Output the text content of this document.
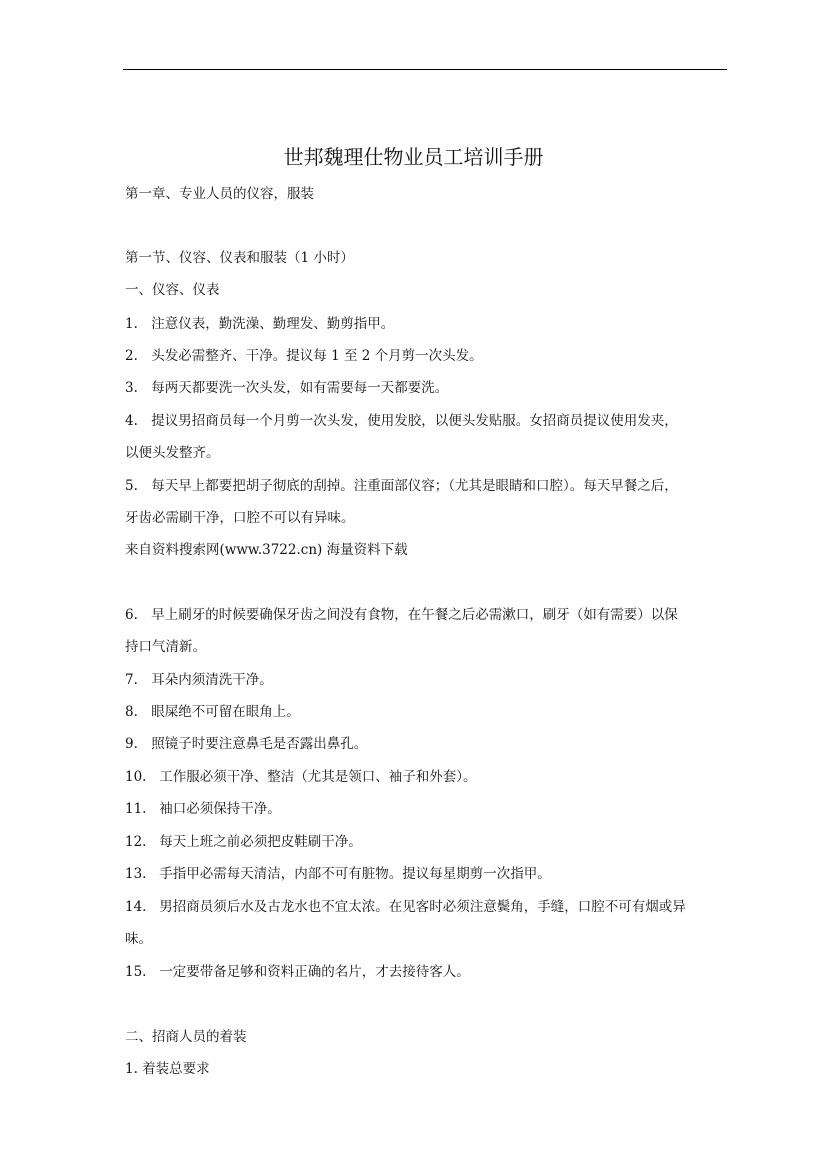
世邦魏理仕物业员工培训手册

第一章、专业人员的仪容，服装

第一节、仪容、仪表和服装（1 小时）

一、仪容、仪表

1. 注意仪表，勤洗澡、勤理发、勤剪指甲。

2. 头发必需整齐、干净。提议每 1 至 2 个月剪一次头发。

3. 每两天都要洗一次头发，如有需要每一天都要洗。

4. 提议男招商员每一个月剪一次头发，使用发胶，以便头发贴服。女招商员提议使用发夹，

以便头发整齐。

5. 每天早上都要把胡子彻底的刮掉。注重面部仪容；（尤其是眼睛和口腔）。每天早餐之后，

牙齿必需刷干净，口腔不可以有异味。

来自资料搜索网(www.3722.cn) 海量资料下载

6. 早上刷牙的时候要确保牙齿之间没有食物，在午餐之后必需漱口，刷牙（如有需要）以保

持口气清新。

7. 耳朵内须清洗干净。

8. 眼屎绝不可留在眼角上。

9. 照镜子时要注意鼻毛是否露出鼻孔。

10. 工作服必须干净、整洁（尤其是领口、袖子和外套）。

11. 袖口必须保持干净。

12. 每天上班之前必须把皮鞋刷干净。

13. 手指甲必需每天清洁，内部不可有脏物。提议每星期剪一次指甲。

14. 男招商员须后水及古龙水也不宜太浓。在见客时必须注意鬓角，手缝，口腔不可有烟或异

味。

15. 一定要带备足够和资料正确的名片，才去接待客人。

二、招商人员的着装

1. 着装总要求
